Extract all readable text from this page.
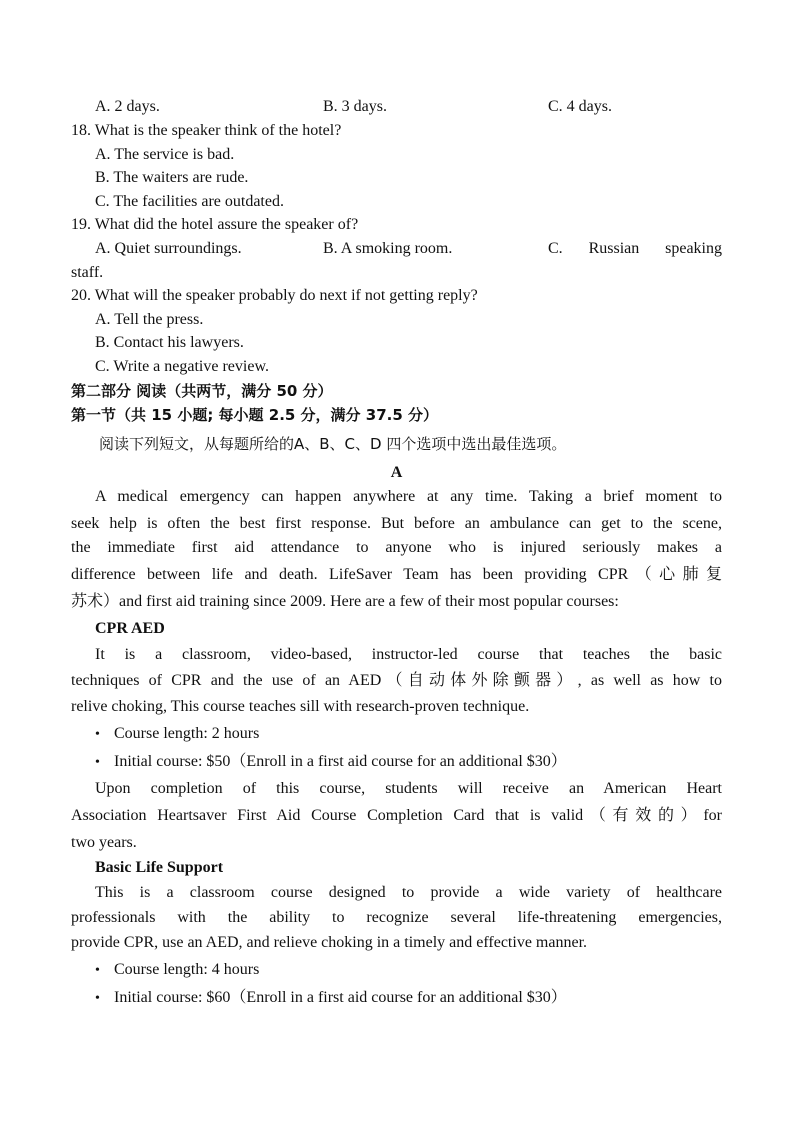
A. 2 days.	B. 3 days.	C. 4 days.
18. What is the speaker think of the hotel?
A. The service is bad.
B. The waiters are rude.
C. The facilities are outdated.
19. What did the hotel assure the speaker of?
A. Quiet surroundings.	B. A smoking room.	C. Russian speaking
staff.
20. What will the speaker probably do next if not getting reply?
A. Tell the press.
B. Contact his lawyers.
C. Write a negative review.
第二部分 阅读（共两节，满分 50 分）
第一节（共 15 小题; 每小题 2.5 分，满分 37.5 分）
阅读下列短文，从每题所给的A、B、C、D 四个选项中选出最佳选项。
A
A medical emergency can happen anywhere at any time. Taking a brief moment to
seek help is often the best first response. But before an ambulance can get to the scene,
the immediate first aid attendance to anyone who is injured seriously makes a
difference between life and death. LifeSaver Team has been providing CPR（心肺复
苏术）and first aid training since 2009. Here are a few of their most popular courses:
CPR AED
It is a classroom, video-based, instructor-led course that teaches the basic
techniques of CPR and the use of an AED（自动体外除颤器）, as well as how to
relive choking, This course teaches sill with research-proven technique.
• Course length: 2 hours
• Initial course: $50（Enroll in a first aid course for an additional $30）
Upon completion of this course, students will receive an American Heart
Association Heartsaver First Aid Course Completion Card that is valid（有效的）for
two years.
Basic Life Support
This is a classroom course designed to provide a wide variety of healthcare
professionals with the ability to recognize several life-threatening emergencies,
provide CPR, use an AED, and relieve choking in a timely and effective manner.
• Course length: 4 hours
• Initial course: $60（Enroll in a first aid course for an additional $30）
